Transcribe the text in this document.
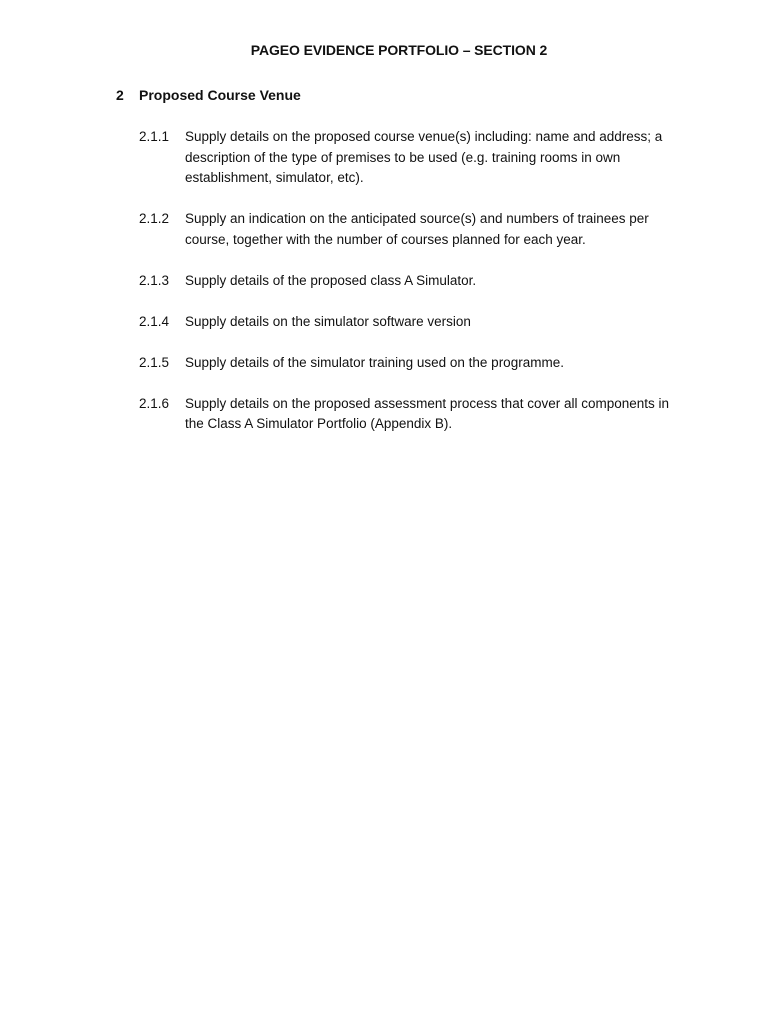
PAGEO EVIDENCE PORTFOLIO – SECTION 2
2 Proposed Course Venue
2.1.1	Supply details on the proposed course venue(s) including: name and address; a description of the type of premises to be used (e.g. training rooms in own establishment, simulator, etc).
2.1.2	Supply an indication on the anticipated source(s) and numbers of trainees per course, together with the number of courses planned for each year.
2.1.3	Supply details of the proposed class A Simulator.
2.1.4	Supply details on the simulator software version
2.1.5	Supply details of the simulator training used on the programme.
2.1.6	Supply details on the proposed assessment process that cover all components in the Class A Simulator Portfolio (Appendix B).
